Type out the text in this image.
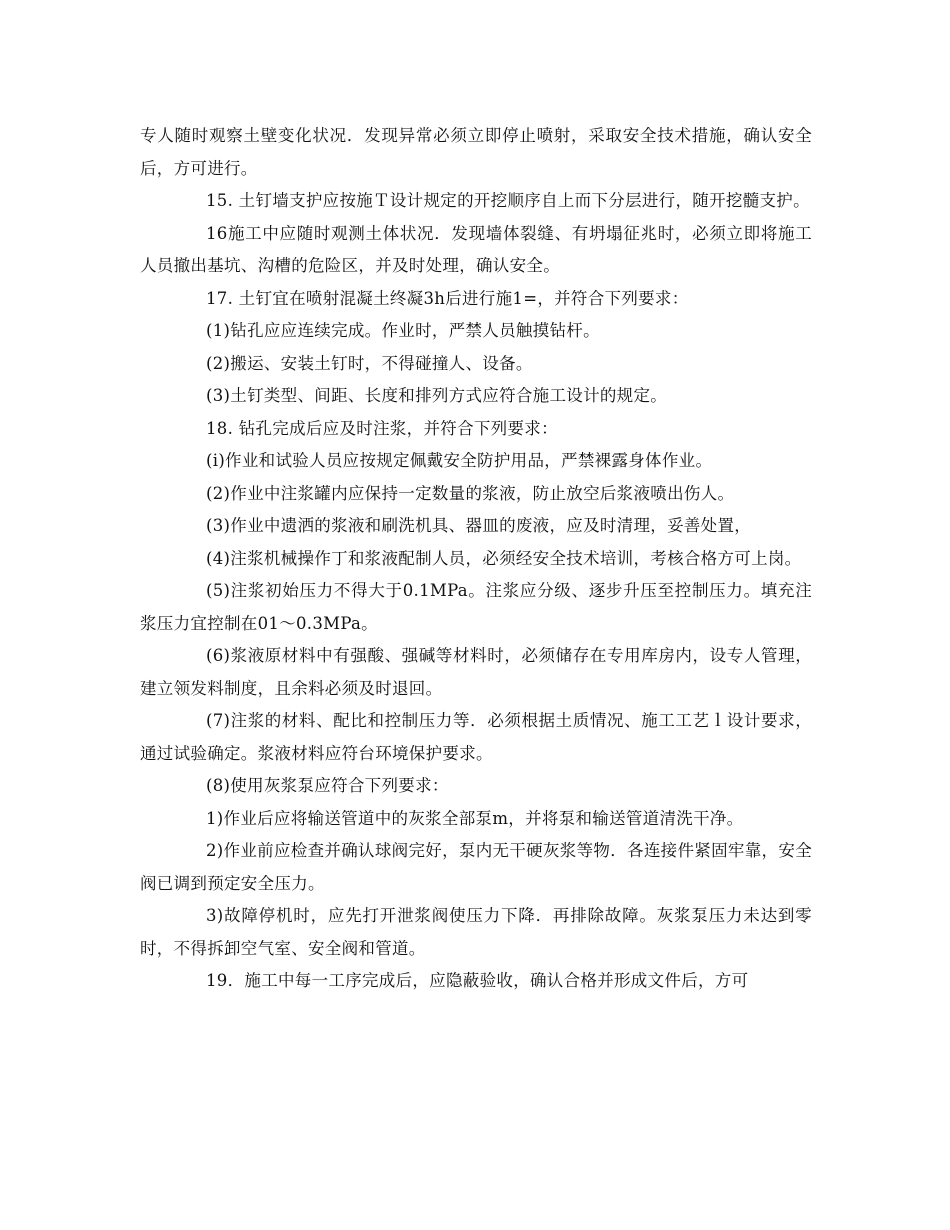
专人随时观察土壁变化状况．发现异常必须立即停止喷射，采取安全技术措施，确认安全后，方可进行。

15. 土钉墙支护应按施Ｔ设计规定的开挖顺序自上而下分层进行，随开挖髓支护。

16施工中应随时观测土体状况．发现墙体裂缝、有坍塌征兆时，必须立即将施工人员撤出基坑、沟槽的危险区，并及时处理，确认安全。

17. 土钉宜在喷射混凝土终凝3h后进行施1=，并符合下列要求：

(1)钻孔应应连续完成。作业时，严禁人员触摸钻杆。

(2)搬运、安装土钉时，不得碰撞人、设备。

(3)土钉类型、间距、长度和排列方式应符合施工设计的规定。

18. 钻孔完成后应及时注浆，并符合下列要求：

(i)作业和试验人员应按规定佩戴安全防护用品，严禁裸露身体作业。

(2)作业中注浆罐内应保持一定数量的浆液，防止放空后浆液喷出伤人。

(3)作业中遗洒的浆液和刷洗机具、器皿的废液，应及时清理，妥善处置，

(4)注浆机械操作丁和浆液配制人员，必须经安全技术培训，考核合格方可上岗。

(5)注浆初始压力不得大于0.1MPa。注浆应分级、逐步升压至控制压力。填充注浆压力宜控制在01～0.3MPa。

(6)浆液原材料中有强酸、强碱等材料时，必须储存在专用库房内，设专人管理，建立领发料制度，且余料必须及时退回。

(7)注浆的材料、配比和控制压力等．必须根据土质情况、施工工艺ｌ设计要求，通过试验确定。浆液材料应符台环境保护要求。

(8)使用灰浆泵应符合下列要求：

1)作业后应将输送管道中的灰浆全部泵m，并将泵和输送管道清洗干净。

2)作业前应检查并确认球阀完好，泵内无干硬灰浆等物．各连接件紧固牢靠，安全阀已调到预定安全压力。

3)故障停机时，应先打开泄浆阀使压力下降．再排除故障。灰浆泵压力未达到零时，不得拆卸空气室、安全阀和管道。

19．施工中每一工序完成后，应隐蔽验收，确认合格并形成文件后，方可
